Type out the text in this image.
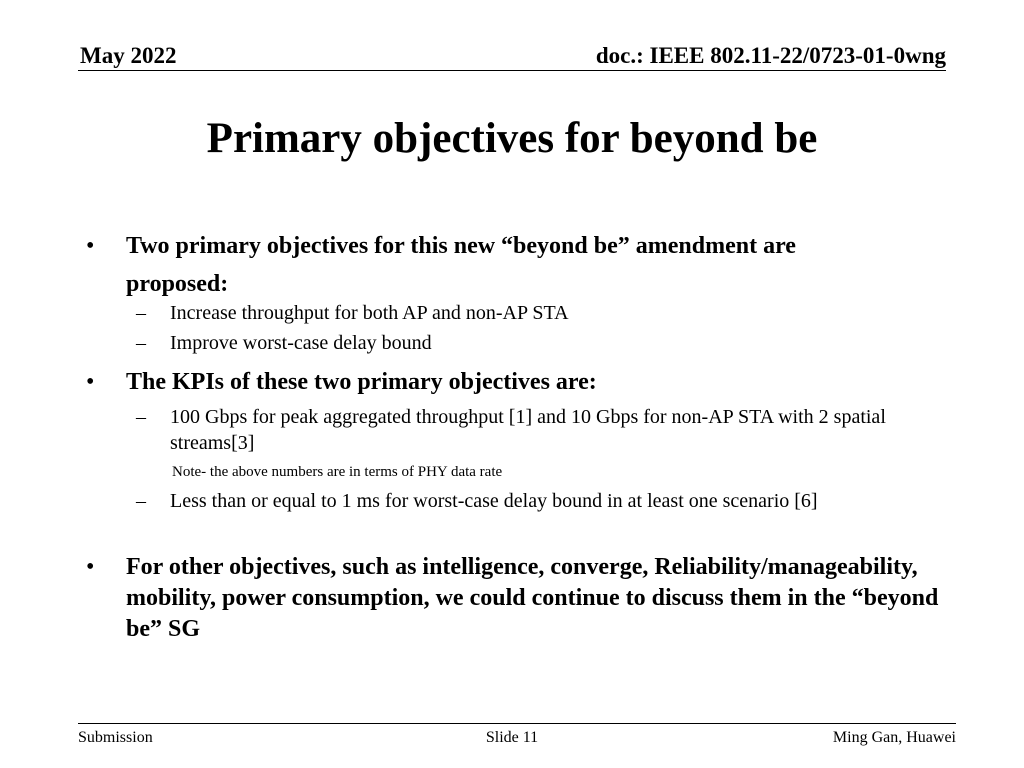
May 2022	doc.: IEEE 802.11-22/0723-01-0wng
Primary objectives for beyond be
• Two primary objectives for this new “beyond be” amendment are
proposed:
– Increase throughput for both AP and non-AP STA
– Improve worst-case delay bound
• The KPIs of these two primary objectives are:
– 100 Gbps for peak aggregated throughput [1] and 10 Gbps for non-AP STA with 2 spatial streams[3]
Note- the above numbers are in terms of PHY data rate
– Less than or equal to 1 ms for worst-case delay bound in at least one scenario [6]
• For other objectives, such as intelligence, converge, Reliability/manageability, mobility, power consumption, we could continue to discuss them in the “beyond be” SG
Submission	Slide 11	Ming Gan, Huawei
